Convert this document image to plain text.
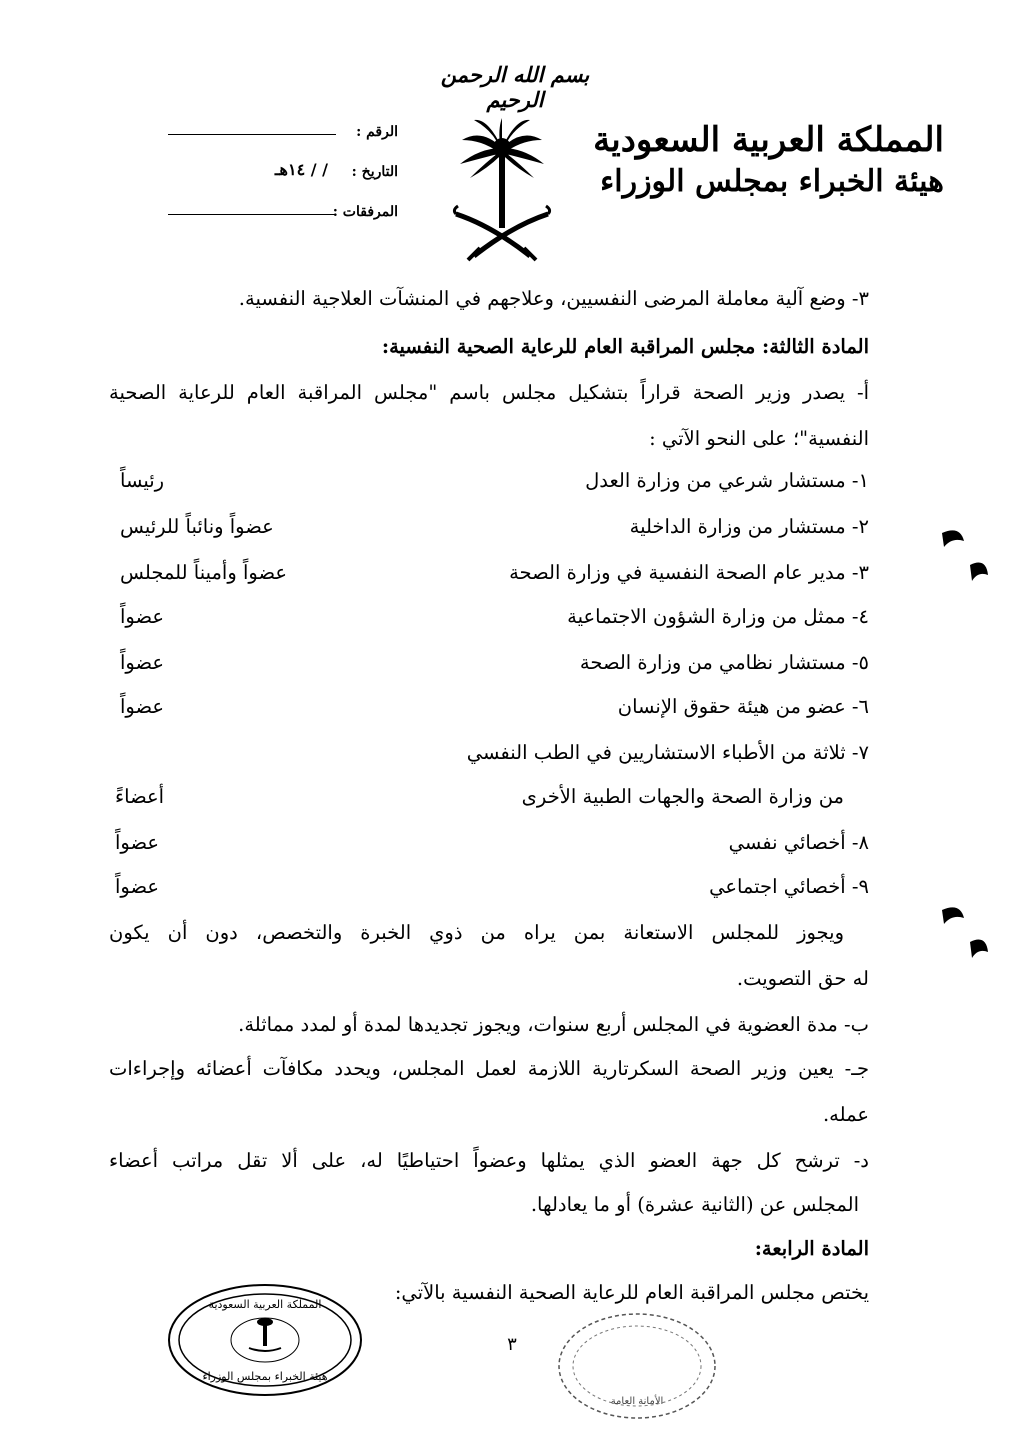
بسم الله الرحمن الرحيم
المملكة العربية السعودية
هيئة الخبراء بمجلس الوزراء
الرقم :
التاريخ :
/ / ١٤هـ
المرفقات :
٣- وضع آلية معاملة المرضى النفسيين، وعلاجهم في المنشآت العلاجية النفسية.
المادة الثالثة: مجلس المراقبة العام للرعاية الصحية النفسية:
أ- يصدر وزير الصحة قراراً بتشكيل مجلس باسم "مجلس المراقبة العام للرعاية الصحية
النفسية"؛ على النحو الآتي :
١- مستشار شرعي من وزارة العدل
رئيساً
٢- مستشار من وزارة الداخلية
عضواً ونائباً للرئيس
٣- مدير عام الصحة النفسية في وزارة الصحة
عضواً وأميناً للمجلس
٤- ممثل من وزارة الشؤون الاجتماعية
عضواً
٥- مستشار نظامي من وزارة الصحة
عضواً
٦- عضو من هيئة حقوق الإنسان
عضواً
٧- ثلاثة من الأطباء الاستشاريين في الطب النفسي
من وزارة الصحة والجهات الطبية الأخرى
أعضاءً
٨- أخصائي نفسي
عضواً
٩- أخصائي اجتماعي
عضواً
ويجوز للمجلس الاستعانة بمن يراه من ذوي الخبرة والتخصص، دون أن يكون
له حق التصويت.
ب- مدة العضوية في المجلس أربع سنوات، ويجوز تجديدها لمدة أو لمدد مماثلة.
جـ- يعين وزير الصحة السكرتارية اللازمة لعمل المجلس، ويحدد مكافآت أعضائه وإجراءات
عمله.
د- ترشح كل جهة العضو الذي يمثلها وعضواً احتياطيًا له، على ألا تقل مراتب أعضاء
المجلس عن (الثانية عشرة) أو ما يعادلها.
المادة الرابعة:
يختص مجلس المراقبة العام للرعاية الصحية النفسية بالآتي:
٣
المملكة العربية السعودية
هيئة الخبراء بمجلس الوزراء
الأمانة العامة
